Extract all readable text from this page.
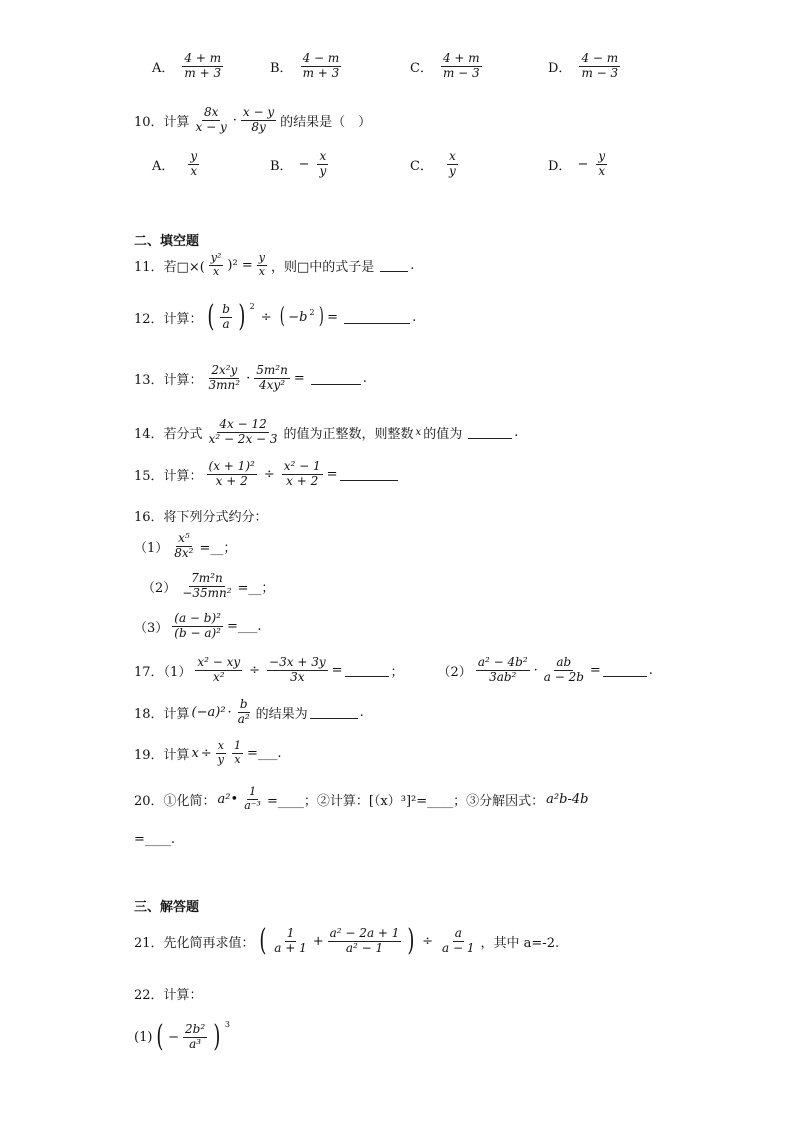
A．
4 + m
m + 3	B．
4 − m
m + 3	C．
4 + m
m − 3	D．
4 − m
m − 3
10．计算
8x
x − y ·
x − y
8y 的结果是（　）
A．
y
x	B． − $\frac{x}{y}$	C．
x
y	D． − $\frac{y}{x}$
二、填空题
11．若□×(
y²
x )$^2 = \frac{y}{x}$ ，则□中的式子是	.
12．计算： ( b
a ) $^2$
÷ ( −b $^2$ ) =	.
13．计算：
2x²y
$3mn^2 \cdot \frac{\text{5m²n}}{\text{4xy²}}$ =	.
14．若分式
4x − 12
x² − 2x − 3 的值为正整数，则整数 x 的值为	.
15．计算： $\frac{\text{(x + 1)²}}{x + 2} \div \frac{\text{x² − 1}}{x + 2}$ =
16．将下列分式约分：
$(1) \frac{\text{x⁵}}{\text{8x²}}$ =__；
$(2) \frac{\text{7m²n}}{\text{−35mn²}}$ =__；
$(3) \frac{\text{(a − b)²}}{\text{(b − a)²}}$ =___.
17．$(1) \frac{\text{x² − xy}}{\text{x²}} \div \frac{-3x + 3y}{3x}$ =	；	（2）
a² − 4b²
$3ab^2 \cdot \frac{ab}{a - 2b}$ =	.
18．计算 (−a)² ·
b
a² 的结果为	.
19．计算 $x \div \frac{x}{y} \frac{1}{x}$ =___.
20．①化简： a²• $\frac{1}{\text{a⁻³}}$ =____；②计算：[（x）³]²=____；③分解因式： a²b-4b
=____.
三、解答题
21．先化简再求值： ( 1
$a + 1 + \frac{\text{a² − 2a + 1}}{\text{a² − 1}}$ ) ÷ $\frac{a}{a - 1}$ ，其中 a=-2.
22．计算：
(1) ( − $\frac{\text{2b²}}{\text{a³}}$ ) $^3$
